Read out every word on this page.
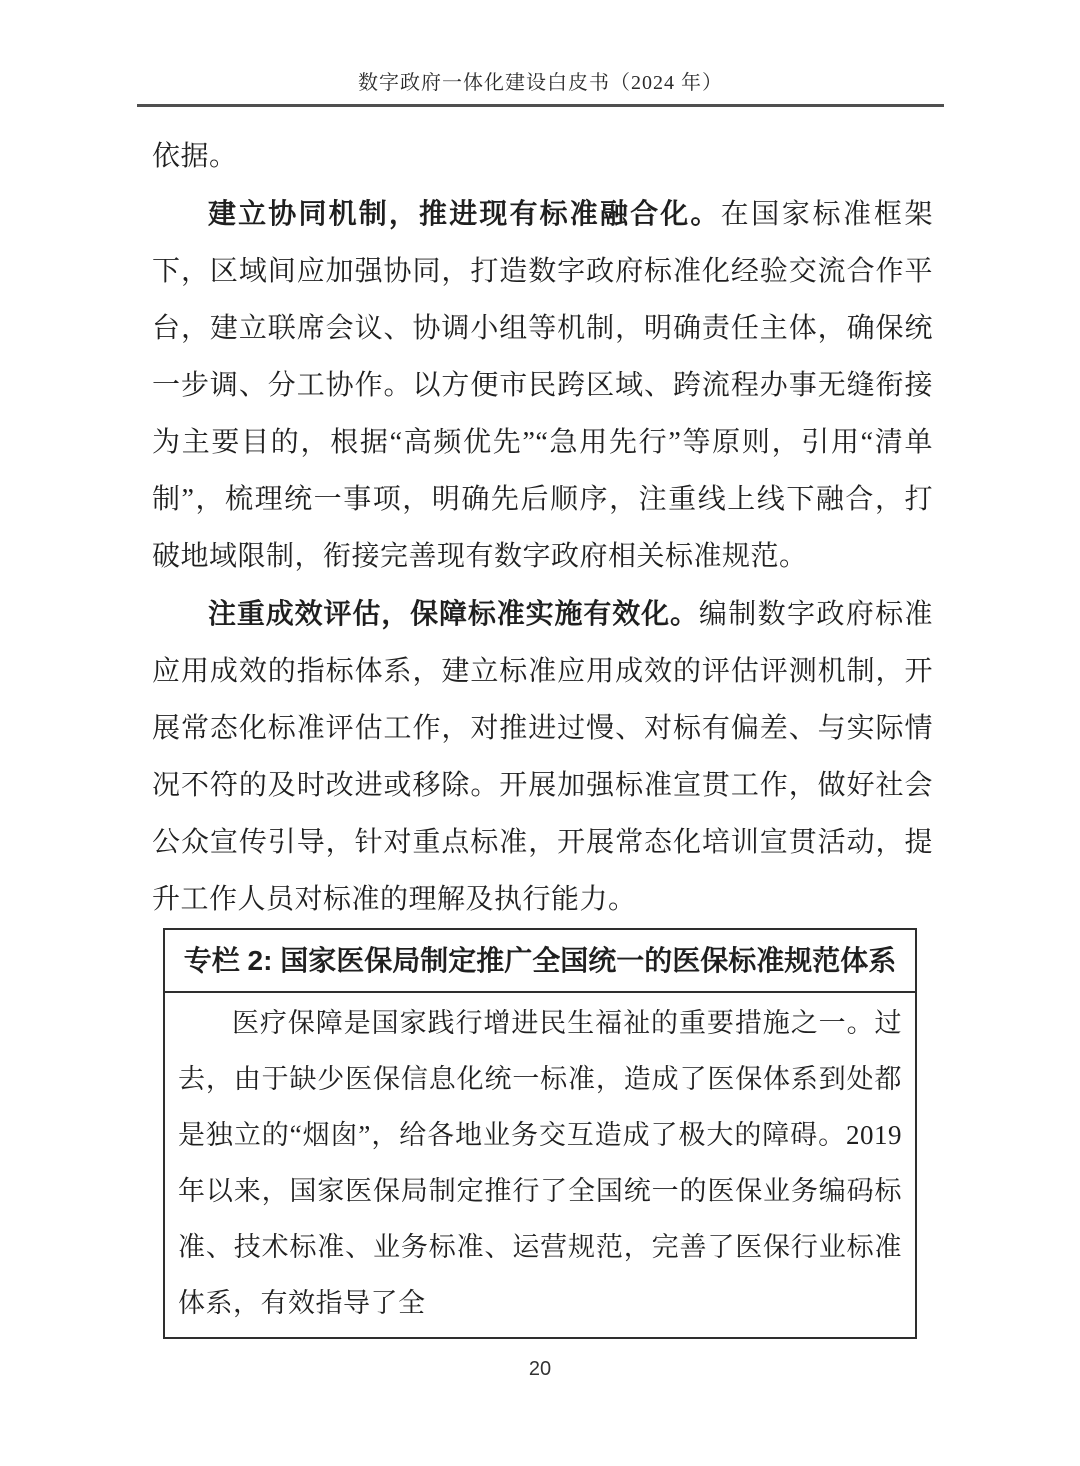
数字政府一体化建设白皮书（2024 年）

依据。

建立协同机制，推进现有标准融合化。在国家标准框架下，区域间应加强协同，打造数字政府标准化经验交流合作平台，建立联席会议、协调小组等机制，明确责任主体，确保统一步调、分工协作。以方便市民跨区域、跨流程办事无缝衔接为主要目的，根据“高频优先”“急用先行”等原则，引用“清单制”，梳理统一事项，明确先后顺序，注重线上线下融合，打破地域限制，衔接完善现有数字政府相关标准规范。

注重成效评估，保障标准实施有效化。编制数字政府标准应用成效的指标体系，建立标准应用成效的评估评测机制，开展常态化标准评估工作，对推进过慢、对标有偏差、与实际情况不符的及时改进或移除。开展加强标准宣贯工作，做好社会公众宣传引导，针对重点标准，开展常态化培训宣贯活动，提升工作人员对标准的理解及执行能力。

专栏 2: 国家医保局制定推广全国统一的医保标准规范体系
医疗保障是国家践行增进民生福祉的重要措施之一。过去，由于缺少医保信息化统一标准，造成了医保体系到处都是独立的“烟囱”，给各地业务交互造成了极大的障碍。2019 年以来，国家医保局制定推行了全国统一的医保业务编码标准、技术标准、业务标准、运营规范，完善了医保行业标准体系，有效指导了全
20
